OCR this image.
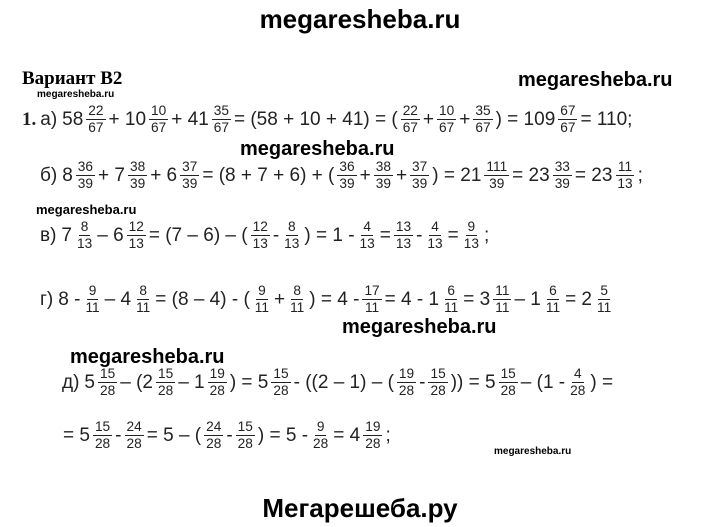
megaresheba.ru
Вариант В2	megaresheba.ru
megaresheba.ru
1. а) $58 \frac{22}{67} + 10 \frac{10}{67} + 41 \frac{35}{67} = (58 + 10 + 41)$ = ( $\frac{22}{67} + \frac{10}{67} + \frac{35}{67}$ ) = $109 \frac{67}{67} = 110$;
megaresheba.ru
б) $8 \frac{36}{39} + 7 \frac{38}{39} + 6 \frac{37}{39} = (8 + 7 + 6)$ + ( $\frac{36}{39} + \frac{38}{39} + \frac{37}{39}$ ) = $21 \frac{111}{39} = 23 \frac{33}{39} = 23 \frac{11}{13}$ ;
megaresheba.ru
в) $7 \frac{8}{13} - 6 \frac{12}{13} = (7 - 6)$ – ( $\frac{12}{13} - \frac{8}{13}$ ) = $1 - \frac{4}{13} = \frac{13}{13} - \frac{4}{13} = \frac{9}{13}$ ;
г) $8 - \frac{9}{11} - 4 \frac{8}{11} = (8 - 4)$ - ( $\frac{9}{11} + \frac{8}{11}$ ) = $4 - \frac{17}{11} = 4 - 1 \frac{6}{11} = 3 \frac{11}{11} - 1 \frac{6}{11} = 2 \frac{5}{11}$
megaresheba.ru
megaresheba.ru
д) $5 \frac{15}{28} - (2 \frac{15}{28} - 1 \frac{19}{28}$ ) = $5 \frac{15}{28} - ((2 - 1)$ – ( $\frac{19}{28} - \frac{15}{28}$ )) = $5 \frac{15}{28} - (1 - \frac{4}{28}$ ) =
= $5 \frac{15}{28} - \frac{24}{28} = 5$ – ( $\frac{24}{28} - \frac{15}{28}$ ) = $5 - \frac{9}{28} = 4 \frac{19}{28}$ ;
megaresheba.ru
Мегарешеба.ру
